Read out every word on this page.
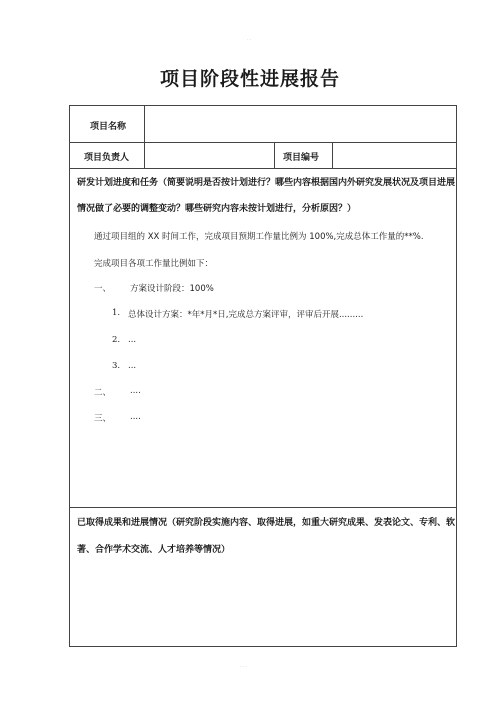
- -
项目阶段性进展报告
项目名称
项目负责人	项目编号
研发计划进度和任务（简要说明是否按计划进行？哪些内容根据国内外研究发展状况及项目进展
情况做了必要的调整变动？哪些研究内容未按计划进行，分析原因？）
通过项目组的 XX 时间工作，完成项目预期工作量比例为 100%,完成总体工作量的**%.
完成项目各项工作量比例如下：
一、 方案设计阶段：100%
1. 总体设计方案：*年*月*日,完成总方案评审，评审后开展.........
2. ...
3. ...
二、 ....
三、 ....
已取得成果和进展情况（研究阶段实施内容、取得进展，如重大研究成果、发表论文、专利、软
著、合作学术交流、人才培养等情况）
- - -
